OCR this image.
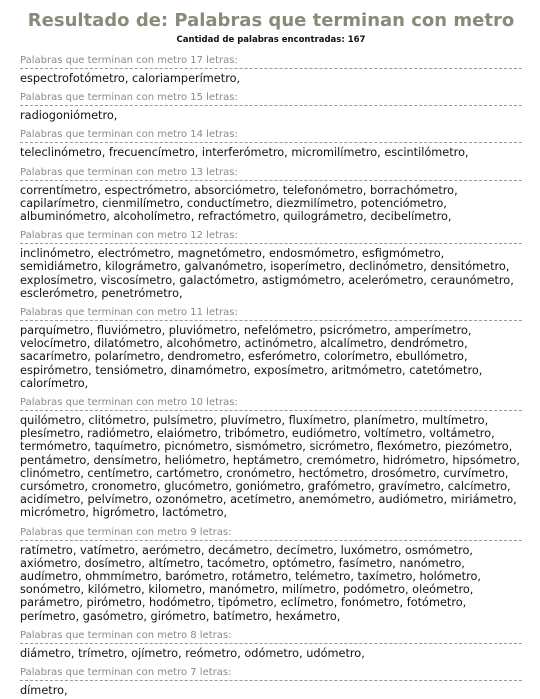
Resultado de: Palabras que terminan con metro
Cantidad de palabras encontradas: 167
Palabras que terminan con metro 17 letras:
espectrofotómetro, caloriamperímetro,
Palabras que terminan con metro 15 letras:
radiogoniómetro,
Palabras que terminan con metro 14 letras:
teleclinómetro, frecuencímetro, interferómetro, micromilímetro, escintilómetro,
Palabras que terminan con metro 13 letras:
correntímetro, espectrómetro, absorciómetro, telefonómetro, borrachómetro, capilarímetro, cienmilímetro, conductímetro, diezmilímetro, potenciómetro, albuminómetro, alcoholímetro, refractómetro, quilográmetro, decibelímetro,
Palabras que terminan con metro 12 letras:
inclinómetro, electrómetro, magnetómetro, endosmómetro, esfigmómetro, semidiámetro, kilográmetro, galvanómetro, isoperímetro, declinómetro, densitómetro, explosímetro, viscosímetro, galactómetro, astigmómetro, acelerómetro, ceraunómetro, esclerómetro, penetrómetro,
Palabras que terminan con metro 11 letras:
parquímetro, fluviómetro, pluviómetro, nefelómetro, psicrómetro, amperímetro, velocímetro, dilatómetro, alcohómetro, actinómetro, alcalímetro, dendrómetro, sacarímetro, polarímetro, dendrometro, esferómetro, colorímetro, ebullómetro, espirómetro, tensiómetro, dinamómetro, exposímetro, aritmómetro, catetómetro, calorímetro,
Palabras que terminan con metro 10 letras:
quilómetro, clitómetro, pulsímetro, pluvímetro, fluxímetro, planímetro, multímetro, plesímetro, radiómetro, elaiómetro, tribómetro, eudiómetro, voltímetro, voltámetro, termómetro, taquímetro, picnómetro, sismómetro, sicrómetro, flexómetro, piezómetro, pentámetro, densímetro, heliómetro, heptámetro, cremómetro, hidrómetro, hipsómetro, clinómetro, centímetro, cartómetro, cronómetro, hectómetro, drosómetro, curvímetro, cursómetro, cronometro, glucómetro, goniómetro, grafómetro, gravímetro, calcímetro, acidímetro, pelvímetro, ozonómetro, acetímetro, anemómetro, audiómetro, miriámetro, micrómetro, higrómetro, lactómetro,
Palabras que terminan con metro 9 letras:
ratímetro, vatímetro, aerómetro, decámetro, decímetro, luxómetro, osmómetro, axiómetro, dosímetro, altímetro, tacómetro, optómetro, fasímetro, nanómetro, audímetro, ohmmímetro, barómetro, rotámetro, telémetro, taxímetro, holómetro, sonómetro, kilómetro, kilometro, manómetro, milímetro, podómetro, oleómetro, parámetro, pirómetro, hodómetro, tipómetro, eclímetro, fonómetro, fotómetro, perímetro, gasómetro, girómetro, batímetro, hexámetro,
Palabras que terminan con metro 8 letras:
diámetro, trímetro, ojímetro, reómetro, odómetro, udómetro,
Palabras que terminan con metro 7 letras:
dímetro,
